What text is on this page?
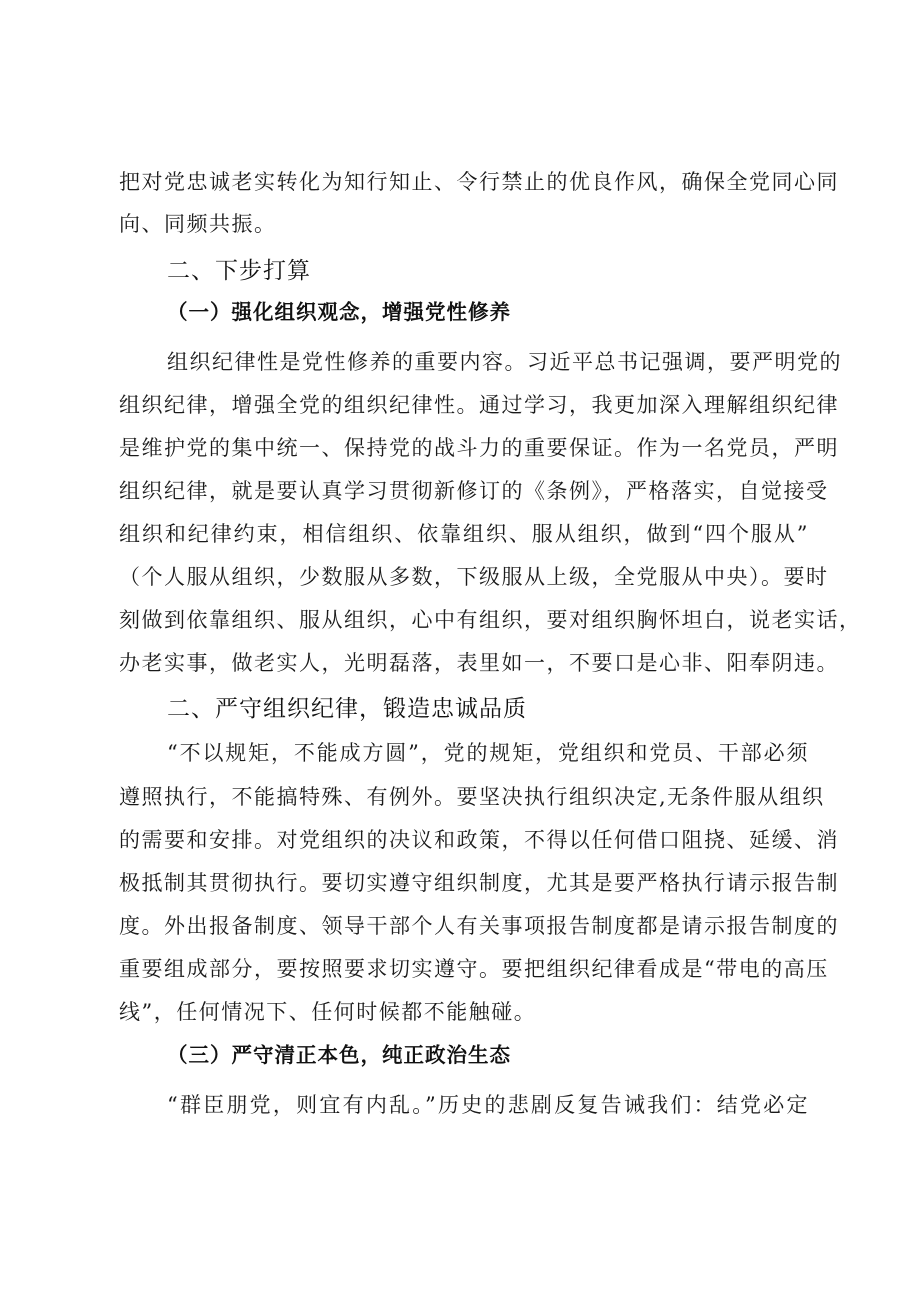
把对党忠诚老实转化为知行知止、令行禁止的优良作风，确保全党同心同

向、同频共振。

二、下步打算

（一）强化组织观念，增强党性修养

组织纪律性是党性修养的重要内容。习近平总书记强调，要严明党的

组织纪律，增强全党的组织纪律性。通过学习，我更加深入理解组织纪律

是维护党的集中统一、保持党的战斗力的重要保证。作为一名党员，严明

组织纪律，就是要认真学习贯彻新修订的《条例》，严格落实，自觉接受

组织和纪律约束，相信组织、依靠组织、服从组织，做到“四个服从”

（个人服从组织，少数服从多数，下级服从上级，全党服从中央）。要时

刻做到依靠组织、服从组织，心中有组织，要对组织胸怀坦白，说老实话，

办老实事，做老实人，光明磊落，表里如一，不要口是心非、阳奉阴违。

二、严守组织纪律，锻造忠诚品质

“不以规矩，不能成方圆”，党的规矩，党组织和党员、干部必须

遵照执行，不能搞特殊、有例外。要坚决执行组织决定,无条件服从组织

的需要和安排。对党组织的决议和政策，不得以任何借口阻挠、延缓、消

极抵制其贯彻执行。要切实遵守组织制度，尤其是要严格执行请示报告制

度。外出报备制度、领导干部个人有关事项报告制度都是请示报告制度的

重要组成部分，要按照要求切实遵守。要把组织纪律看成是“带电的高压

线”，任何情况下、任何时候都不能触碰。

（三）严守清正本色，纯正政治生态

“群臣朋党，则宜有内乱。”历史的悲剧反复告诫我们：结党必定
